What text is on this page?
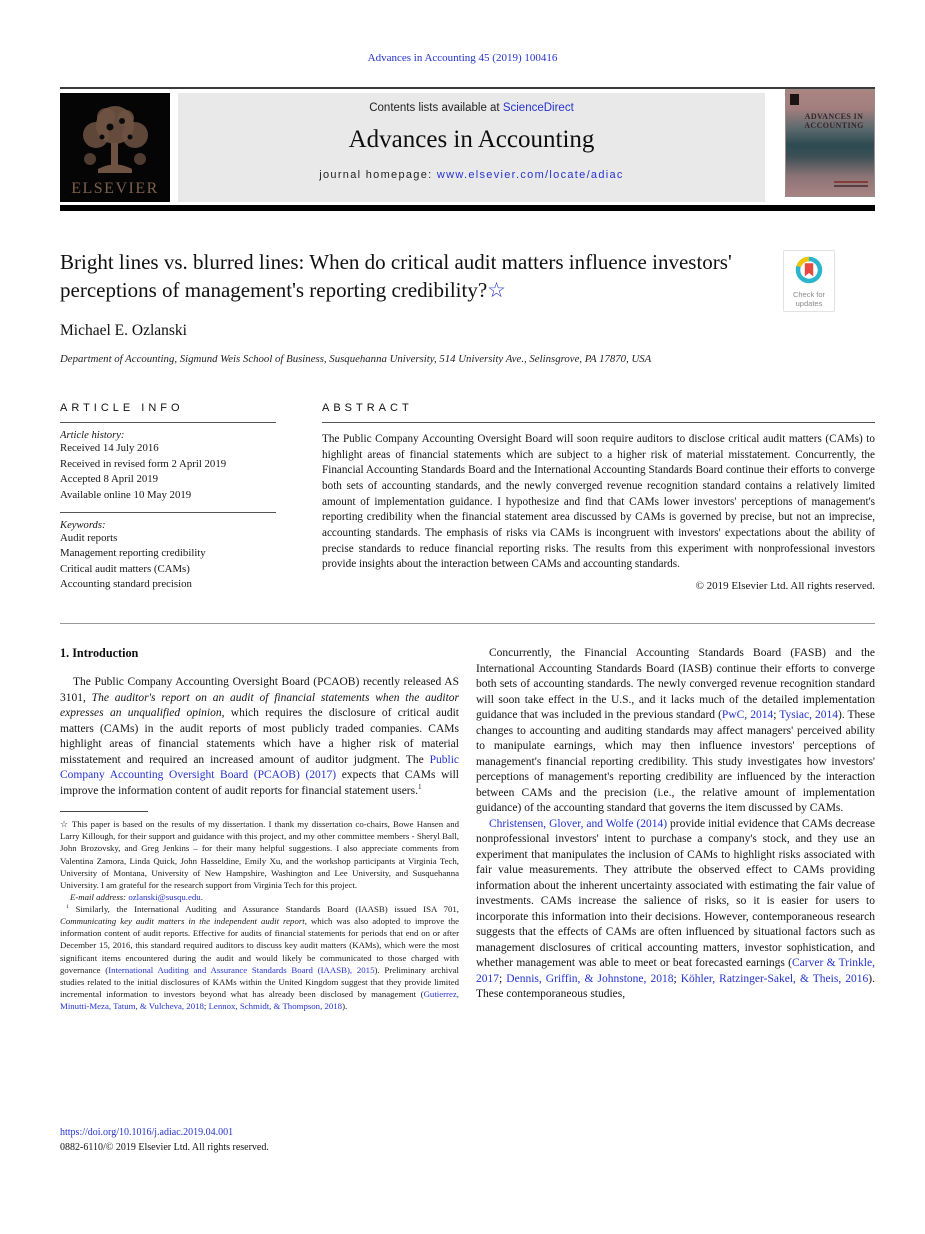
Advances in Accounting 45 (2019) 100416
ELSEVIER
Contents lists available at ScienceDirect
Advances in Accounting
journal homepage: www.elsevier.com/locate/adiac
ADVANCES IN
ACCOUNTING
Bright lines vs. blurred lines: When do critical audit matters influence investors' perceptions of management's reporting credibility?☆	Check for
updates
Michael E. Ozlanski
Department of Accounting, Sigmund Weis School of Business, Susquehanna University, 514 University Ave., Selinsgrove, PA 17870, USA
ARTICLE INFO
Article history:
Received 14 July 2016
Received in revised form 2 April 2019
Accepted 8 April 2019
Available online 10 May 2019
Keywords:
Audit reports
Management reporting credibility
Critical audit matters (CAMs)
Accounting standard precision
ABSTRACT
The Public Company Accounting Oversight Board will soon require auditors to disclose critical audit matters (CAMs) to highlight areas of financial statements which are subject to a higher risk of material misstatement. Concurrently, the Financial Accounting Standards Board and the International Accounting Standards Board continue their efforts to converge both sets of accounting standards, and the newly converged revenue recognition standard contains a relatively limited amount of implementation guidance. I hypothesize and find that CAMs lower investors' perceptions of management's reporting credibility when the financial statement area discussed by CAMs is governed by precise, but not an imprecise, accounting standards. The emphasis of risks via CAMs is incongruent with investors' expectations about the ability of precise standards to reduce financial reporting risks. The results from this experiment with nonprofessional investors provide insights about the interaction between CAMs and accounting standards.
© 2019 Elsevier Ltd. All rights reserved.
1. Introduction

The Public Company Accounting Oversight Board (PCAOB) recently released AS 3101, The auditor's report on an audit of financial statements when the auditor expresses an unqualified opinion, which requires the disclosure of critical audit matters (CAMs) in the audit reports of most publicly traded companies. CAMs highlight areas of financial statements which have a higher risk of material misstatement and required an increased amount of auditor judgment. The Public Company Accounting Oversight Board (PCAOB) (2017) expects that CAMs will improve the information content of audit reports for financial statement users.$^1$

☆ This paper is based on the results of my dissertation. I thank my dissertation co-chairs, Bowe Hansen and Larry Killough, for their support and guidance with this project, and my other committee members - Sheryl Ball, John Brozovsky, and Greg Jenkins – for their many helpful suggestions. I also appreciate comments from Valentina Zamora, Linda Quick, John Hasseldine, Emily Xu, and the workshop participants at Virginia Tech, University of Montana, University of New Hampshire, Washington and Lee University, and Susquehanna University. I am grateful for the research support from Virginia Tech for this project.

E-mail address: ozlanski@susqu.edu.

$^1$ Similarly, the International Auditing and Assurance Standards Board (IAASB) issued ISA 701, Communicating key audit matters in the independent audit report, which was also adopted to improve the information content of audit reports. Effective for audits of financial statements for periods that end on or after December 15, 2016, this standard required auditors to discuss key audit matters (KAMs), which were the most significant items encountered during the audit and would likely be communicated to those charged with governance (International Auditing and Assurance Standards Board (IAASB), 2015). Preliminary archival studies related to the initial disclosures of KAMs within the United Kingdom suggest that they provide limited incremental information to investors beyond what has already been disclosed by management (Gutierrez, Minutti-Meza, Tatum, & Vulcheva, 2018; Lennox, Schmidt, & Thompson, 2018).

Concurrently, the Financial Accounting Standards Board (FASB) and the International Accounting Standards Board (IASB) continue their efforts to converge both sets of accounting standards. The newly converged revenue recognition standard will soon take effect in the U.S., and it lacks much of the detailed implementation guidance that was included in the previous standard (PwC, 2014; Tysiac, 2014). These changes to accounting and auditing standards may affect managers' perceived ability to manipulate earnings, which may then influence investors' perceptions of management's financial reporting credibility. This study investigates how investors' perceptions of management's reporting credibility are influenced by the interaction between CAMs and the precision (i.e., the relative amount of implementation guidance) of the accounting standard that governs the item discussed by CAMs.

Christensen, Glover, and Wolfe (2014) provide initial evidence that CAMs decrease nonprofessional investors' intent to purchase a company's stock, and they use an experiment that manipulates the inclusion of CAMs to highlight risks associated with fair value measurements. They attribute the observed effect to CAMs providing information about the inherent uncertainty associated with estimating the fair value of investments. CAMs increase the salience of risks, so it is easier for users to incorporate this information into their decisions. However, contemporaneous research suggests that the effects of CAMs are often influenced by situational factors such as management disclosures of critical accounting matters, investor sophistication, and whether management was able to meet or beat forecasted earnings (Carver & Trinkle, 2017; Dennis, Griffin, & Johnstone, 2018; Köhler, Ratzinger-Sakel, & Theis, 2016). These contemporaneous studies,

https://doi.org/10.1016/j.adiac.2019.04.001
0882-6110/© 2019 Elsevier Ltd. All rights reserved.
